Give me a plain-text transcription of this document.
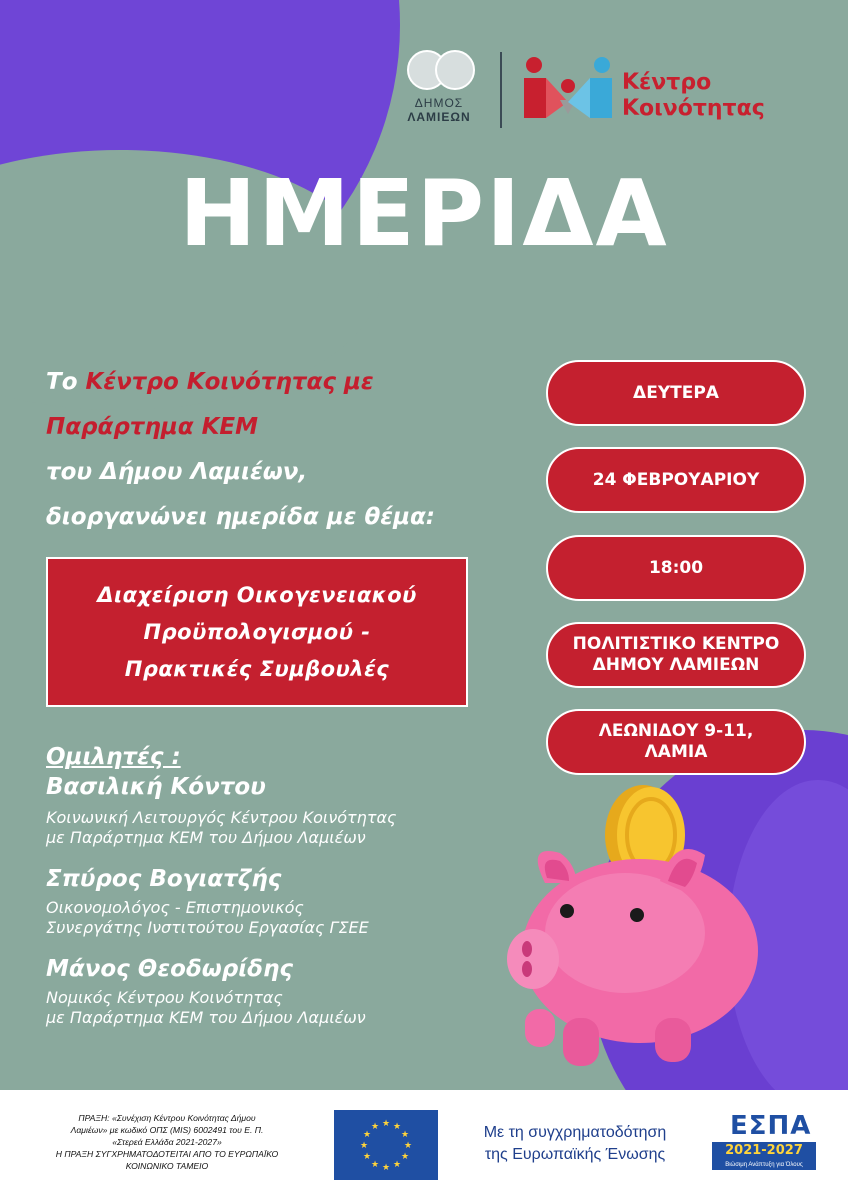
ΔΗΜΟΣ
ΛΑΜΙΕΩΝ
Κέντρο
Κοινότητας
ΗΜΕΡΙΔΑ
Το Κέντρο Κοινότητας με
Παράρτημα ΚΕΜ
του Δήμου Λαμιέων,
διοργανώνει ημερίδα με θέμα:
Διαχείριση Οικογενειακού
Προϋπολογισμού -
Πρακτικές Συμβουλές
ΔΕΥΤΕΡΑ
24 ΦΕΒΡΟΥΑΡΙΟΥ
18:00
ΠΟΛΙΤΙΣΤΙΚΟ ΚΕΝΤΡΟ
ΔΗΜΟΥ ΛΑΜΙΕΩΝ
ΛΕΩΝΙΔΟΥ 9-11,
ΛΑΜΙΑ
Ομιλητές :
Βασιλική Κόντου
Κοινωνική Λειτουργός Κέντρου Κοινότητας
με Παράρτημα ΚΕΜ του Δήμου Λαμιέων
Σπύρος Βογιατζής
Οικονομολόγος - Επιστημονικός
Συνεργάτης Ινστιτούτου Εργασίας ΓΣΕΕ
Μάνος Θεοδωρίδης
Νομικός Κέντρου Κοινότητας
με Παράρτημα ΚΕΜ του Δήμου Λαμιέων
ΠΡΑΞΗ: «Συνέχιση Κέντρου Κοινότητας Δήμου
Λαμιέων» με κωδικό ΟΠΣ (MIS) 6002491 του Ε. Π.
«Στερεά Ελλάδα 2021-2027»
Η ΠΡΑΞΗ ΣΥΓΧΡΗΜΑΤΟΔΟΤΕΙΤΑΙ ΑΠΟ ΤΟ ΕΥΡΩΠΑΪΚΟ
ΚΟΙΝΩΝΙΚΟ ΤΑΜΕΙΟ
★ ★
★
★
★
★
★
★
★
★
★
★	Με τη συγχρηματοδότηση
της Ευρωπαϊκής Ένωσης
ΕΣΠΑ
2021-2027
Βιώσιμη Ανάπτυξη για Όλους
